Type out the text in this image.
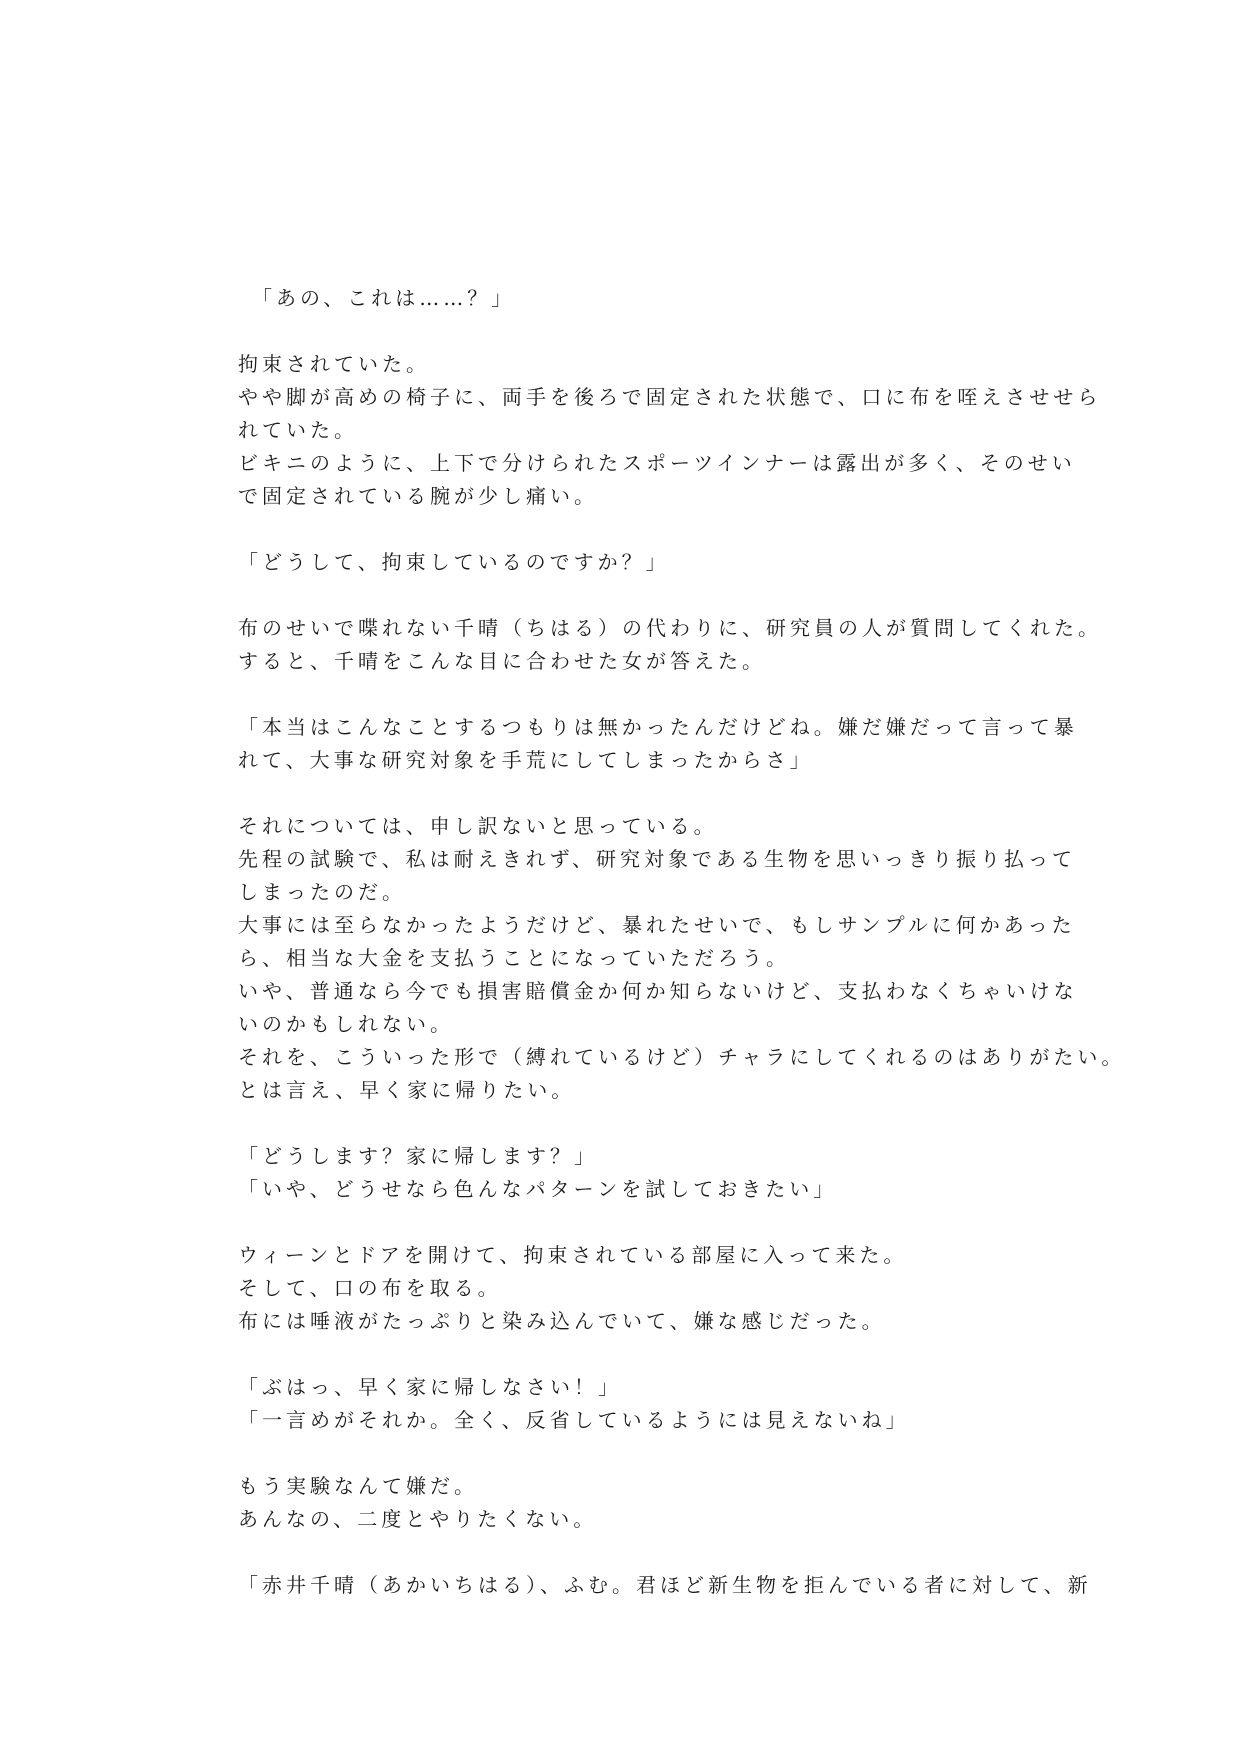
　「あの、これは……？」
拘束されていた。
やや脚が高めの椅子に、両手を後ろで固定された状態で、口に布を咥えさせせら
れていた。
ビキニのように、上下で分けられたスポーツインナーは露出が多く、そのせい
で固定されている腕が少し痛い。
「どうして、拘束しているのですか？」
布のせいで喋れない千晴（ちはる）の代わりに、研究員の人が質問してくれた。
すると、千晴をこんな目に合わせた女が答えた。
「本当はこんなことするつもりは無かったんだけどね。嫌だ嫌だって言って暴
れて、大事な研究対象を手荒にしてしまったからさ」
それについては、申し訳ないと思っている。
先程の試験で、私は耐えきれず、研究対象である生物を思いっきり振り払って
しまったのだ。
大事には至らなかったようだけど、暴れたせいで、もしサンプルに何かあった
ら、相当な大金を支払うことになっていただろう。
いや、普通なら今でも損害賠償金か何か知らないけど、支払わなくちゃいけな
いのかもしれない。
それを、こういった形で（縛れているけど）チャラにしてくれるのはありがたい。
とは言え、早く家に帰りたい。
「どうします？家に帰します？」
「いや、どうせなら色んなパターンを試しておきたい」
ウィーンとドアを開けて、拘束されている部屋に入って来た。
そして、口の布を取る。
布には唾液がたっぷりと染み込んでいて、嫌な感じだった。
「ぶはっ、早く家に帰しなさい！」
「一言めがそれか。全く、反省しているようには見えないね」
もう実験なんて嫌だ。
あんなの、二度とやりたくない。
「赤井千晴（あかいちはる）、ふむ。君ほど新生物を拒んでいる者に対して、新
